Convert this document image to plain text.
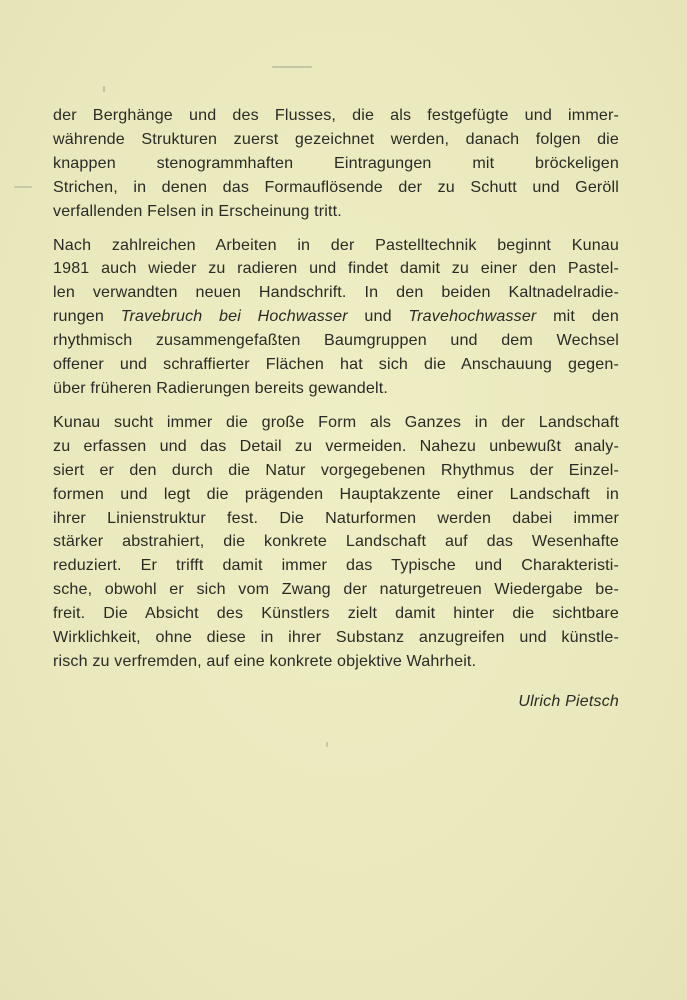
der Berghänge und des Flusses, die als festgefügte und immer-
währende Strukturen zuerst gezeichnet werden, danach folgen die
knappen stenogrammhaften Eintragungen mit bröckeligen
Strichen, in denen das Formauflösende der zu Schutt und Geröll
verfallenden Felsen in Erscheinung tritt.

Nach zahlreichen Arbeiten in der Pastelltechnik beginnt Kunau
1981 auch wieder zu radieren und findet damit zu einer den Pastel-
len verwandten neuen Handschrift. In den beiden Kaltnadelradie-
rungen Travebruch bei Hochwasser und Travehochwasser mit den
rhythmisch zusammengefaßten Baumgruppen und dem Wechsel
offener und schraffierter Flächen hat sich die Anschauung gegen-
über früheren Radierungen bereits gewandelt.

Kunau sucht immer die große Form als Ganzes in der Landschaft
zu erfassen und das Detail zu vermeiden. Nahezu unbewußt analy-
siert er den durch die Natur vorgegebenen Rhythmus der Einzel-
formen und legt die prägenden Hauptakzente einer Landschaft in
ihrer Linienstruktur fest. Die Naturformen werden dabei immer
stärker abstrahiert, die konkrete Landschaft auf das Wesenhafte
reduziert. Er trifft damit immer das Typische und Charakteristi-
sche, obwohl er sich vom Zwang der naturgetreuen Wiedergabe be-
freit. Die Absicht des Künstlers zielt damit hinter die sichtbare
Wirklichkeit, ohne diese in ihrer Substanz anzugreifen und künstle-
risch zu verfremden, auf eine konkrete objektive Wahrheit.

Ulrich Pietsch
